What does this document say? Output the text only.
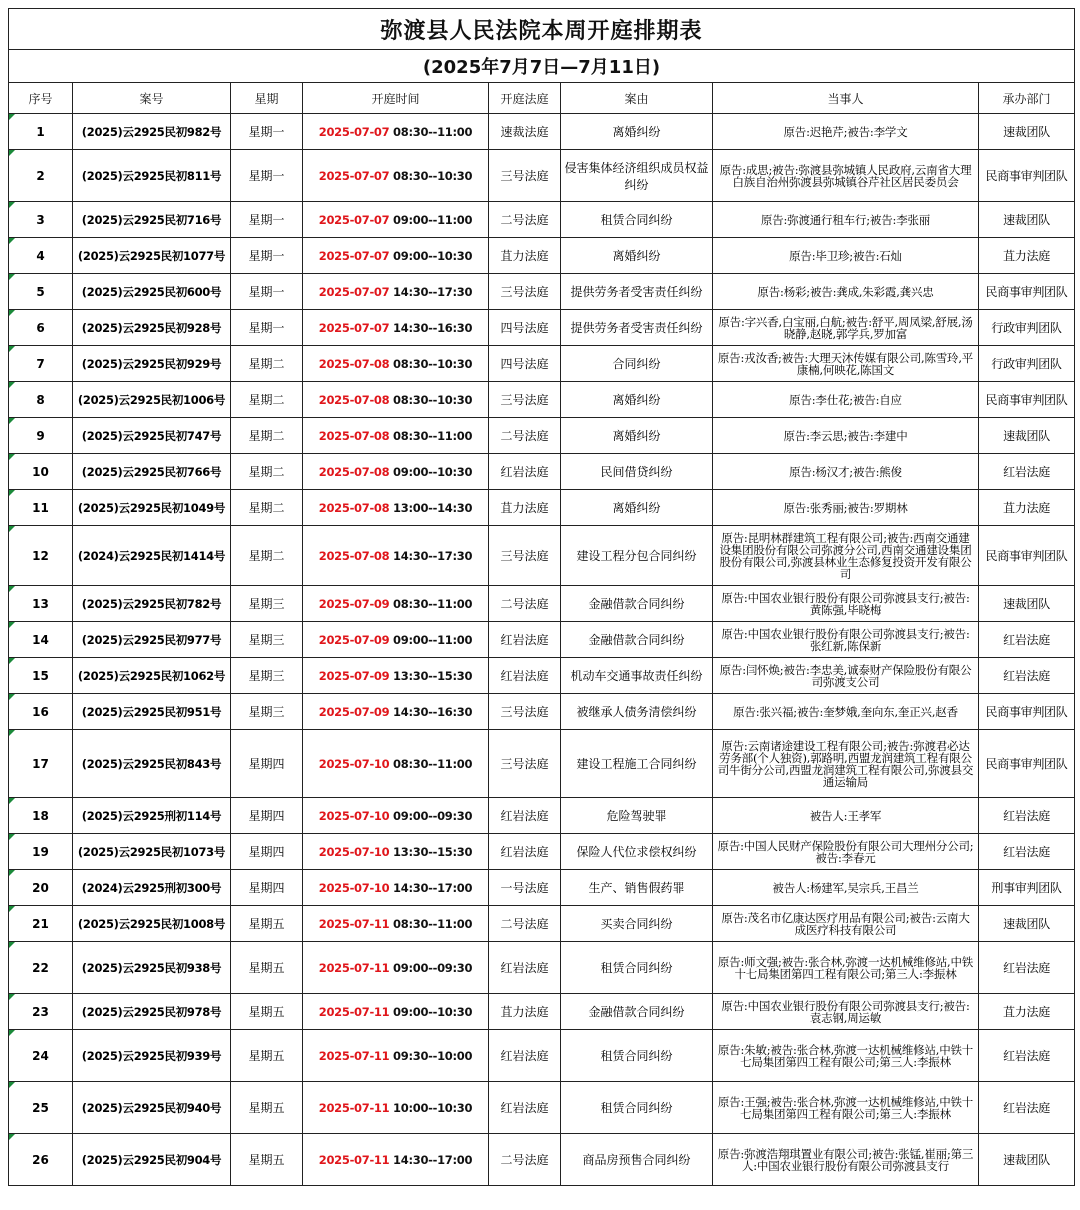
弥渡县人民法院本周开庭排期表							
(2025年7月7日—7月11日)							
序号	案号	星期	开庭时间	开庭法庭	案由	当事人	承办部门
1	(2025)云2925民初982号	星期一	2025-07-07 08:30--11:00	速裁法庭	离婚纠纷	原告:迟艳芹;被告:李学文	速裁团队
2	(2025)云2925民初811号	星期一	2025-07-07 08:30--10:30	三号法庭	侵害集体经济组织成员权益纠纷	原告:成思;被告:弥渡县弥城镇人民政府,云南省大理白族自治州弥渡县弥城镇谷芹社区居民委员会	民商事审判团队
3	(2025)云2925民初716号	星期一	2025-07-07 09:00--11:00	二号法庭	租赁合同纠纷	原告:弥渡通行租车行;被告:李张丽	速裁团队
4	(2025)云2925民初1077号	星期一	2025-07-07 09:00--10:30	苴力法庭	离婚纠纷	原告:毕卫珍;被告:石灿	苴力法庭
5	(2025)云2925民初600号	星期一	2025-07-07 14:30--17:30	三号法庭	提供劳务者受害责任纠纷	原告:杨彩;被告:龚成,朱彩霞,龚兴忠	民商事审判团队
6	(2025)云2925民初928号	星期一	2025-07-07 14:30--16:30	四号法庭	提供劳务者受害责任纠纷	原告:字兴香,白宝丽,白航;被告:舒平,周凤梁,舒展,汤晓静,赵晓,郭学兵,罗加富	行政审判团队
7	(2025)云2925民初929号	星期二	2025-07-08 08:30--10:30	四号法庭	合同纠纷	原告:戎汝香;被告:大理天沐传媒有限公司,陈雪玲,平康楠,何映花,陈国文	行政审判团队
8	(2025)云2925民初1006号	星期二	2025-07-08 08:30--10:30	三号法庭	离婚纠纷	原告:李仕花;被告:自应	民商事审判团队
9	(2025)云2925民初747号	星期二	2025-07-08 08:30--11:00	二号法庭	离婚纠纷	原告:李云思;被告:李建中	速裁团队
10	(2025)云2925民初766号	星期二	2025-07-08 09:00--10:30	红岩法庭	民间借贷纠纷	原告:杨汉才;被告:熊俊	红岩法庭
11	(2025)云2925民初1049号	星期二	2025-07-08 13:00--14:30	苴力法庭	离婚纠纷	原告:张秀丽;被告:罗期林	苴力法庭
12	(2024)云2925民初1414号	星期二	2025-07-08 14:30--17:30	三号法庭	建设工程分包合同纠纷	原告:昆明林群建筑工程有限公司;被告:西南交通建设集团股份有限公司弥渡分公司,西南交通建设集团股份有限公司,弥渡县林业生态修复投资开发有限公司	民商事审判团队
13	(2025)云2925民初782号	星期三	2025-07-09 08:30--11:00	二号法庭	金融借款合同纠纷	原告:中国农业银行股份有限公司弥渡县支行;被告:黄陈强,毕晓梅	速裁团队
14	(2025)云2925民初977号	星期三	2025-07-09 09:00--11:00	红岩法庭	金融借款合同纠纷	原告:中国农业银行股份有限公司弥渡县支行;被告:张红新,陈保新	红岩法庭
15	(2025)云2925民初1062号	星期三	2025-07-09 13:30--15:30	红岩法庭	机动车交通事故责任纠纷	原告:闫怀焕;被告:李忠美,诚泰财产保险股份有限公司弥渡支公司	红岩法庭
16	(2025)云2925民初951号	星期三	2025-07-09 14:30--16:30	三号法庭	被继承人债务清偿纠纷	原告:张兴福;被告:奎梦娥,奎向东,奎正兴,赵香	民商事审判团队
17	(2025)云2925民初843号	星期四	2025-07-10 08:30--11:00	三号法庭	建设工程施工合同纠纷	原告:云南诸途建设工程有限公司;被告:弥渡君必达劳务部(个人独资),郭路明,西盟龙润建筑工程有限公司牛街分公司,西盟龙润建筑工程有限公司,弥渡县交通运输局	民商事审判团队
18	(2025)云2925刑初114号	星期四	2025-07-10 09:00--09:30	红岩法庭	危险驾驶罪	被告人:王孝军	红岩法庭
19	(2025)云2925民初1073号	星期四	2025-07-10 13:30--15:30	红岩法庭	保险人代位求偿权纠纷	原告:中国人民财产保险股份有限公司大理州分公司;被告:李春元	红岩法庭
20	(2024)云2925刑初300号	星期四	2025-07-10 14:30--17:00	一号法庭	生产、销售假药罪	被告人:杨建军,吴宗兵,王昌兰	刑事审判团队
21	(2025)云2925民初1008号	星期五	2025-07-11 08:30--11:00	二号法庭	买卖合同纠纷	原告:茂名市亿康达医疗用品有限公司;被告:云南大成医疗科技有限公司	速裁团队
22	(2025)云2925民初938号	星期五	2025-07-11 09:00--09:30	红岩法庭	租赁合同纠纷	原告:师文强;被告:张合林,弥渡一达机械维修站,中铁十七局集团第四工程有限公司;第三人:李振林	红岩法庭
23	(2025)云2925民初978号	星期五	2025-07-11 09:00--10:30	苴力法庭	金融借款合同纠纷	原告:中国农业银行股份有限公司弥渡县支行;被告:袁志钢,周运敏	苴力法庭
24	(2025)云2925民初939号	星期五	2025-07-11 09:30--10:00	红岩法庭	租赁合同纠纷	原告:朱敏;被告:张合林,弥渡一达机械维修站,中铁十七局集团第四工程有限公司;第三人:李振林	红岩法庭
25	(2025)云2925民初940号	星期五	2025-07-11 10:00--10:30	红岩法庭	租赁合同纠纷	原告:王强;被告:张合林,弥渡一达机械维修站,中铁十七局集团第四工程有限公司;第三人:李振林	红岩法庭
26	(2025)云2925民初904号	星期五	2025-07-11 14:30--17:00	二号法庭	商品房预售合同纠纷	原告:弥渡浩翔琪置业有限公司;被告:张锰,崔丽;第三人:中国农业银行股份有限公司弥渡县支行	速裁团队
